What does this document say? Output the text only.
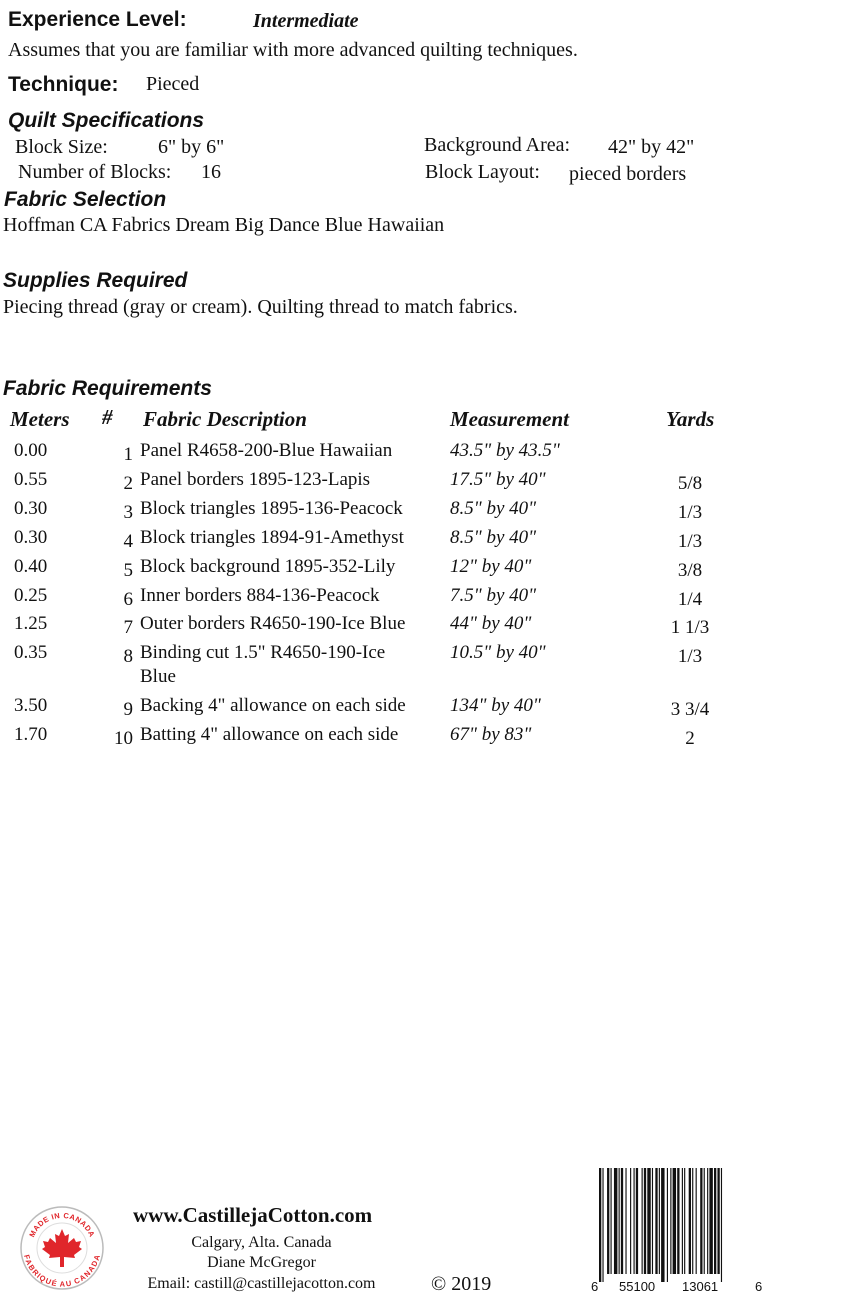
Experience Level:	Intermediate
Assumes that you are familiar with more advanced quilting techniques.
Technique: Pieced
Quilt Specifications
Block Size:	6" by 6"
Number of Blocks: 16
Background Area: 42" by 42"
Block Layout: pieced borders
Fabric Selection
Hoffman CA Fabrics Dream Big Dance Blue Hawaiian
Supplies Required
Piecing thread (gray or cream). Quilting thread to match fabrics.
Fabric Requirements
Meters # Fabric Description	Measurement	Yards
0.00	1 Panel R4658-200-Blue Hawaiian	43.5" by 43.5"
0.55	2 Panel borders 1895-123-Lapis	17.5" by 40"	5/8
0.30	3 Block triangles 1895-136-Peacock 8.5" by 40"	1/3
0.30	4 Block triangles 1894-91-Amethyst 8.5" by 40"	1/3
0.40	5 Block background 1895-352-Lily	12" by 40"	3/8
0.25	6 Inner borders 884-136-Peacock	7.5" by 40"	1/4
1.25	7 Outer borders R4650-190-Ice Blue 44" by 40"	1 1/3
0.35	8 Binding cut 1.5" R4650-190-Ice	10.5" by 40"	1/3
Blue
3.50	9 Backing 4" allowance on each side 134" by 40"	3 3/4
1.70	10 Batting 4" allowance on each side	67" by 83"	2
MADE IN CANADA
FABRIQUÉ AU CANADA
www.CastillejaCotton.com
Calgary, Alta. Canada
Diane McGregor
Email: castill@castillejacotton.com	© 2019	6 55100 13061	6
